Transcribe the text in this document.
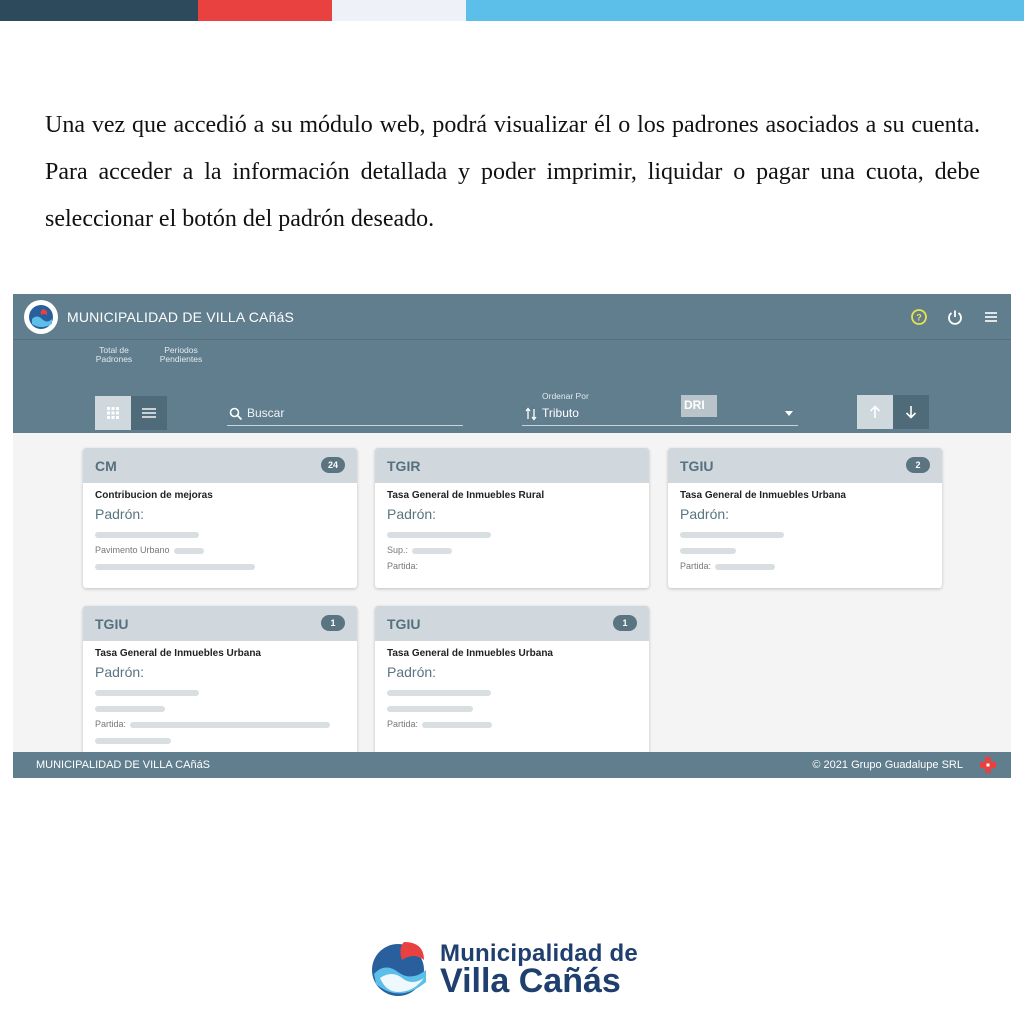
Una vez que accedió a su módulo web, podrá visualizar él o los padrones asociados a su cuenta. Para acceder a la información detallada y poder imprimir, liquidar o pagar una cuota, debe seleccionar el botón del padrón deseado.

MUNICIPALIDAD DE VILLA CAñáS	?
Total de Padrones
Periodos Pendientes
Buscar
Ordenar Por
Tributo
DRI
CM	24
Contribucion de mejoras
Padrón:
Pavimento Urbano
TGIR
Tasa General de Inmuebles Rural
Padrón:
Sup.:
Partida:
TGIU	2
Tasa General de Inmuebles Urbana
Padrón:
Partida:
TGIU	1
Tasa General de Inmuebles Urbana
Padrón:
Partida:
TGIU	1
Tasa General de Inmuebles Urbana
Padrón:
Partida:
MUNICIPALIDAD DE VILLA CAñáS	© 2021 Grupo Guadalupe SRL
Municipalidad de
Villa Cañás
